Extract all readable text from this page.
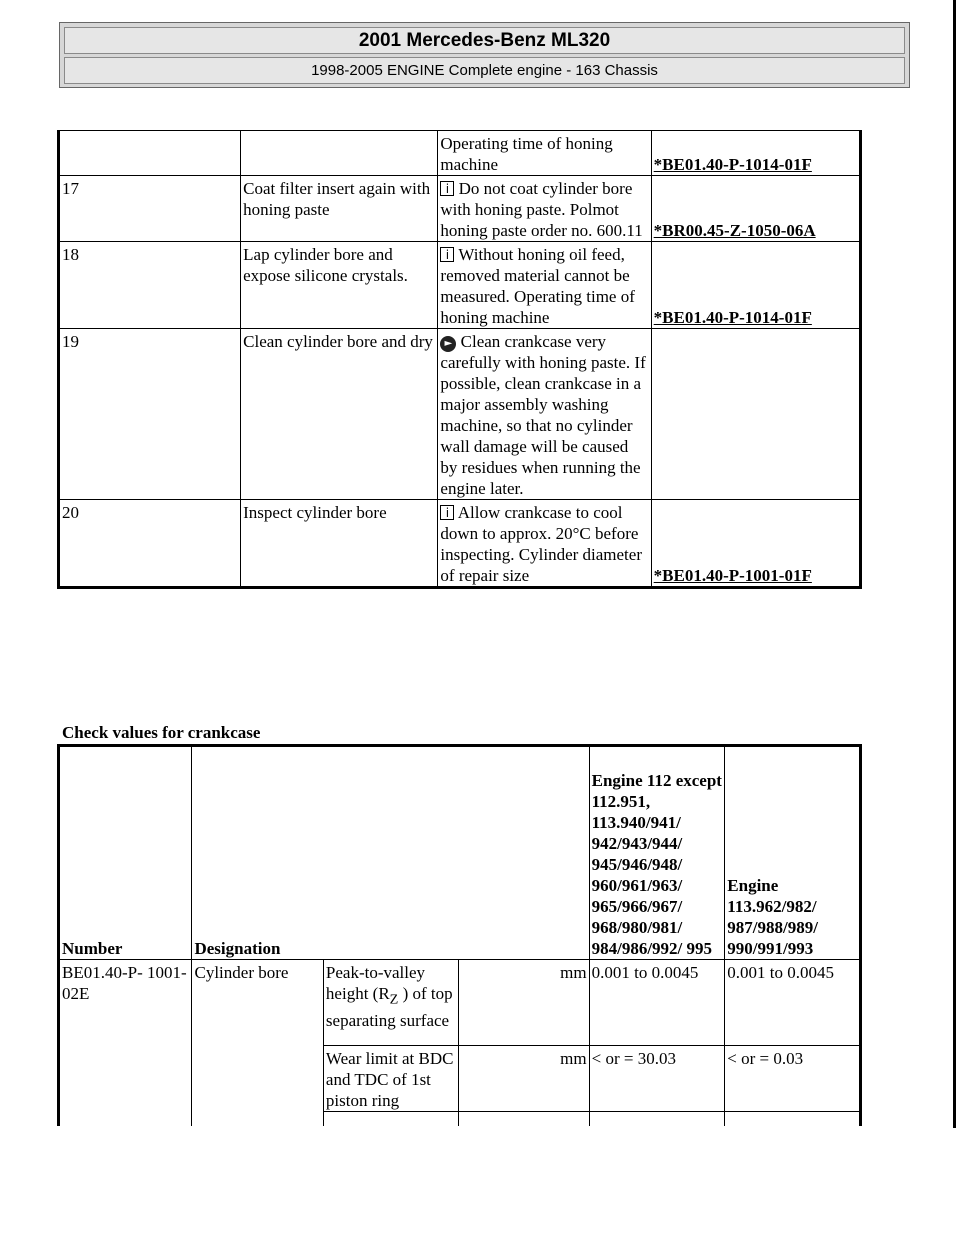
2001 Mercedes-Benz ML320
1998-2005 ENGINE Complete engine - 163 Chassis
		Operating time of honing machine	*BE01.40-P-1014-01F
17	Coat filter insert again with honing paste	i Do not coat cylinder bore with honing paste. Polmot honing paste order no. 600.11	*BR00.45-Z-1050-06A
18	Lap cylinder bore and expose silicone crystals.	i Without honing oil feed, removed material cannot be measured. Operating time of honing machine	*BE01.40-P-1014-01F
19	Clean cylinder bore and dry	► Clean crankcase very carefully with honing paste. If possible, clean crankcase in a major assembly washing machine, so that no cylinder wall damage will be caused by residues when running the engine later.	
20	Inspect cylinder bore	i Allow crankcase to cool down to approx. 20°C before inspecting. Cylinder diameter of repair size	*BE01.40-P-1001-01F
Check values for crankcase
Number	Designation			Engine 112 except 112.951, 113.940/941/ 942/943/944/ 945/946/948/ 960/961/963/ 965/966/967/ 968/980/981/ 984/986/992/ 995	Engine 113.962/982/ 987/988/989/ 990/991/993
BE01.40-P- 1001-02E	Cylinder bore	Peak-to-valley height ($R_Z$ ) of top separating surface	mm	0.001 to 0.0045	0.001 to 0.0045
		Wear limit at BDC and TDC of 1st piston ring	mm	< or = 30.03	< or = 0.03
